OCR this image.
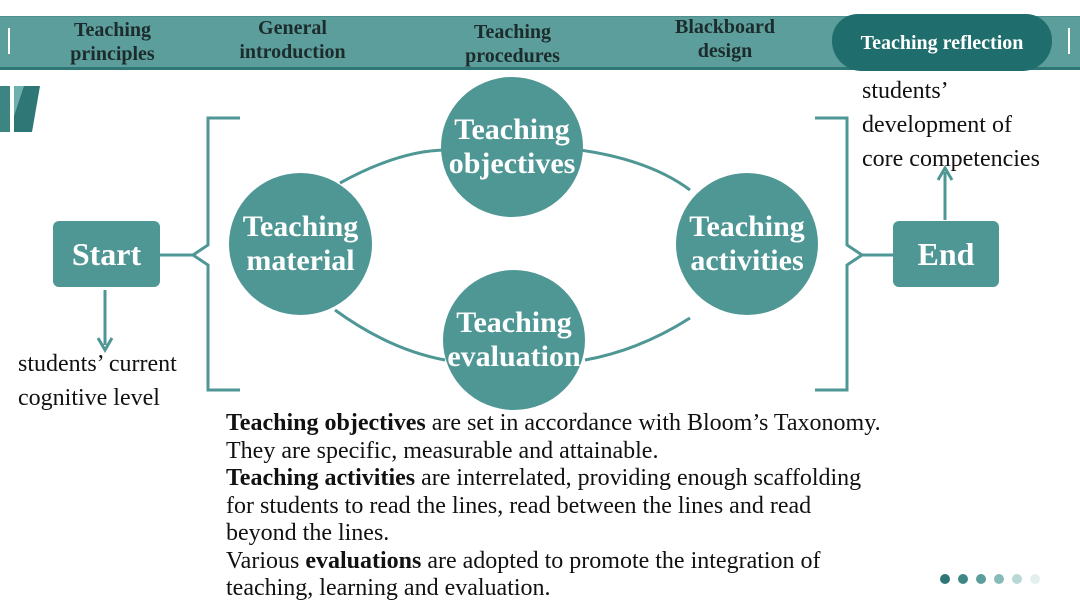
Teaching
principles
General
introduction
Teaching
procedures
Blackboard
design	Teaching reflection
Start	End
Teaching
objectives
Teaching
material
Teaching
activities
Teaching
evaluation
students’ current
cognitive level
students’
development of
core competencies
Teaching objectives are set in accordance with Bloom’s Taxonomy. They are specific, measurable and attainable.
Teaching activities are interrelated, providing enough scaffolding for students to read the lines, read between the lines and read beyond the lines.
Various evaluations are adopted to promote the integration of teaching, learning and evaluation.
